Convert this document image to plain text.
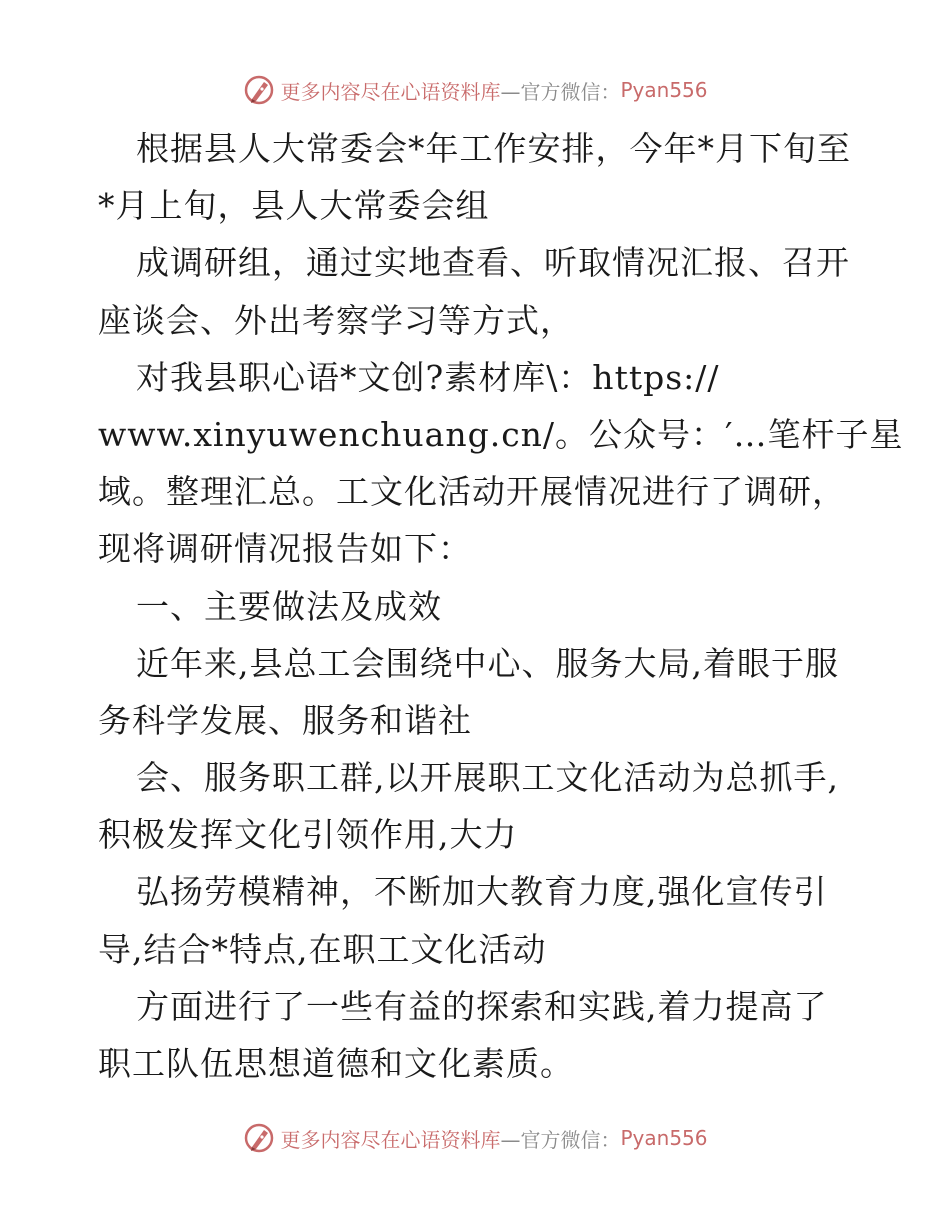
更多内容尽在心语资料库 —官方微信： Pyan556
根据县人大常委会*年工作安排，今年*月下旬至
*月上旬，县人大常委会组
成调研组，通过实地查看、听取情况汇报、召开
座谈会、外出考察学习等方式，
对我县职心语*文创?素材库\：https://
www.xinyuwenchuang.cn/。公众号：′…笔杆子星
域。整理汇总。工文化活动开展情况进行了调研，
现将调研情况报告如下：
一、主要做法及成效
近年来,县总工会围绕中心、服务大局,着眼于服
务科学发展、服务和谐社
会、服务职工群,以开展职工文化活动为总抓手,
积极发挥文化引领作用,大力
弘扬劳模精神，不断加大教育力度,强化宣传引
导,结合*特点,在职工文化活动
方面进行了一些有益的探索和实践,着力提高了
职工队伍思想道德和文化素质。
更多内容尽在心语资料库 —官方微信： Pyan556
